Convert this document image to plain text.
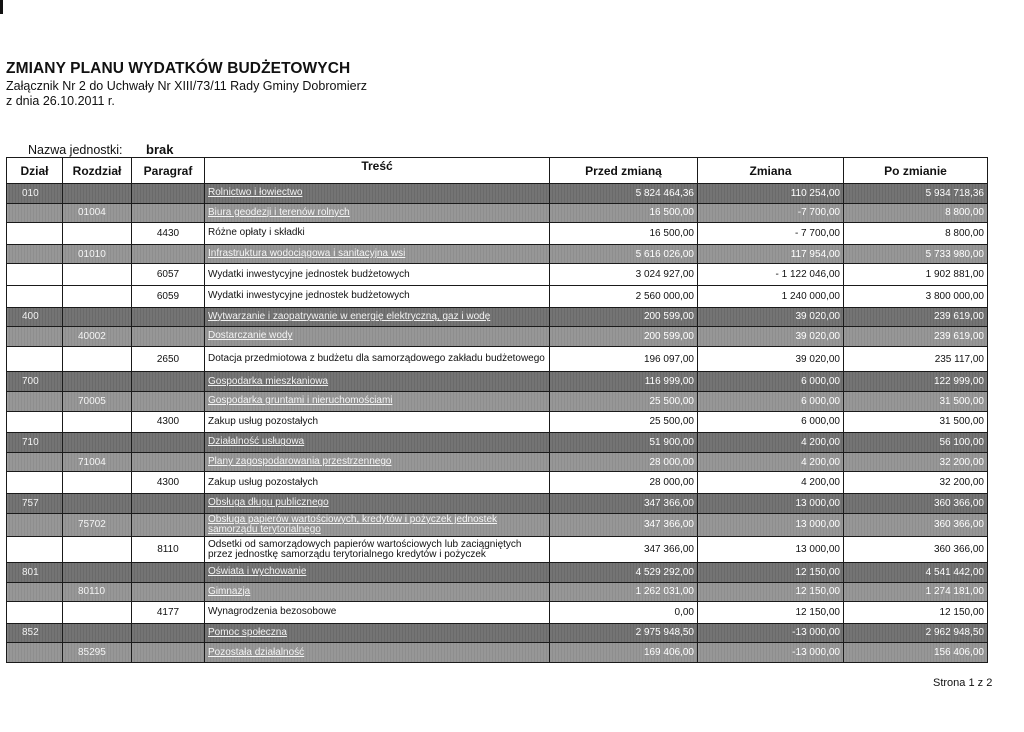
ZMIANY PLANU WYDATKÓW BUDŻETOWYCH
Załącznik Nr 2 do Uchwały Nr XIII/73/11 Rady Gminy Dobromierz
z dnia 26.10.2011 r.
Nazwa jednostki: brak
Dział	Rozdział	Paragraf	Treść	Przed zmianą	Zmiana	Po zmianie
010			Rolnictwo i łowiectwo	5 824 464,36	110 254,00	5 934 718,36
	01004		Biura geodezji i terenów rolnych	16 500,00	-7 700,00	8 800,00
		4430	Różne opłaty i składki	16 500,00	- 7 700,00	8 800,00
	01010		Infrastruktura wodociągowa i sanitacyjna wsi	5 616 026,00	117 954,00	5 733 980,00
		6057	Wydatki inwestycyjne jednostek budżetowych	3 024 927,00	- 1 122 046,00	1 902 881,00
		6059	Wydatki inwestycyjne jednostek budżetowych	2 560 000,00	1 240 000,00	3 800 000,00
400			Wytwarzanie i zaopatrywanie w energię elektryczną, gaz i wodę	200 599,00	39 020,00	239 619,00
	40002		Dostarczanie wody	200 599,00	39 020,00	239 619,00
		2650	Dotacja przedmiotowa z budżetu dla samorządowego zakładu budżetowego	196 097,00	39 020,00	235 117,00
700			Gospodarka mieszkaniowa	116 999,00	6 000,00	122 999,00
	70005		Gospodarka gruntami i nieruchomościami	25 500,00	6 000,00	31 500,00
		4300	Zakup usług pozostałych	25 500,00	6 000,00	31 500,00
710			Działalność usługowa	51 900,00	4 200,00	56 100,00
	71004		Plany zagospodarowania przestrzennego	28 000,00	4 200,00	32 200,00
		4300	Zakup usług pozostałych	28 000,00	4 200,00	32 200,00
757			Obsługa długu publicznego	347 366,00	13 000,00	360 366,00
	75702		Obsługa papierów wartościowych, kredytów i pożyczek jednostek samorządu terytorialnego	347 366,00	13 000,00	360 366,00
		8110	Odsetki od samorządowych papierów wartościowych lub zaciągniętych przez jednostkę samorządu terytorialnego kredytów i pożyczek	347 366,00	13 000,00	360 366,00
801			Oświata i wychowanie	4 529 292,00	12 150,00	4 541 442,00
	80110		Gimnazja	1 262 031,00	12 150,00	1 274 181,00
		4177	Wynagrodzenia bezosobowe	0,00	12 150,00	12 150,00
852			Pomoc społeczna	2 975 948,50	-13 000,00	2 962 948,50
	85295		Pozostała działalność	169 406,00	-13 000,00	156 406,00
Strona 1 z 2
